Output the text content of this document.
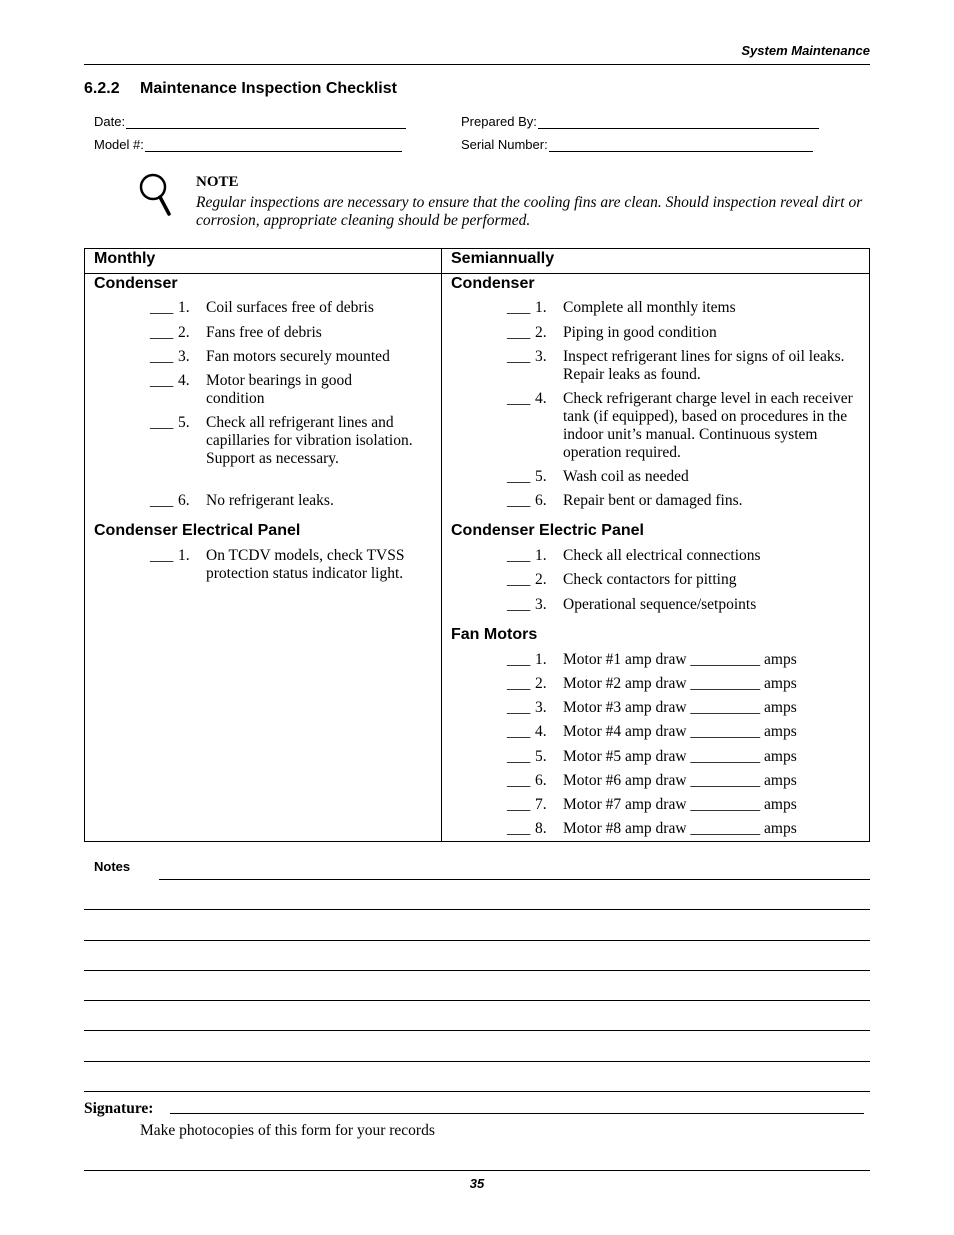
System Maintenance
6.2.2 Maintenance Inspection Checklist
Date:	Prepared By:
Model #:	Serial Number:
NOTE
Regular inspections are necessary to ensure that the cooling fins are clean. Should inspection reveal dirt or corrosion, appropriate cleaning should be performed.
Monthly	Semiannually
Condenser
___ 1. Coil surfaces free of debris
___ 2. Fans free of debris
___ 3. Fan motors securely mounted
___ 4. Motor bearings in good condition
___ 5. Check all refrigerant lines and capillaries for vibration isolation. Support as necessary.
___ 6. No refrigerant leaks.
Condenser Electrical Panel
___ 1. On TCDV models, check TVSS protection status indicator light.
Condenser
___ 1. Complete all monthly items
___ 2. Piping in good condition
___ 3. Inspect refrigerant lines for signs of oil leaks. Repair leaks as found.
___ 4. Check refrigerant charge level in each receiver tank (if equipped), based on procedures in the indoor unit’s manual. Continuous system operation required.
___ 5. Wash coil as needed
___ 6. Repair bent or damaged fins.
Condenser Electric Panel
___ 1. Check all electrical connections
___ 2. Check contactors for pitting
___ 3. Operational sequence/setpoints
Fan Motors
___ 1. Motor #1 amp draw _________ amps
___ 2. Motor #2 amp draw _________ amps
___ 3. Motor #3 amp draw _________ amps
___ 4. Motor #4 amp draw _________ amps
___ 5. Motor #5 amp draw _________ amps
___ 6. Motor #6 amp draw _________ amps
___ 7. Motor #7 amp draw _________ amps
___ 8. Motor #8 amp draw _________ amps
Notes
Signature:
Make photocopies of this form for your records
35
